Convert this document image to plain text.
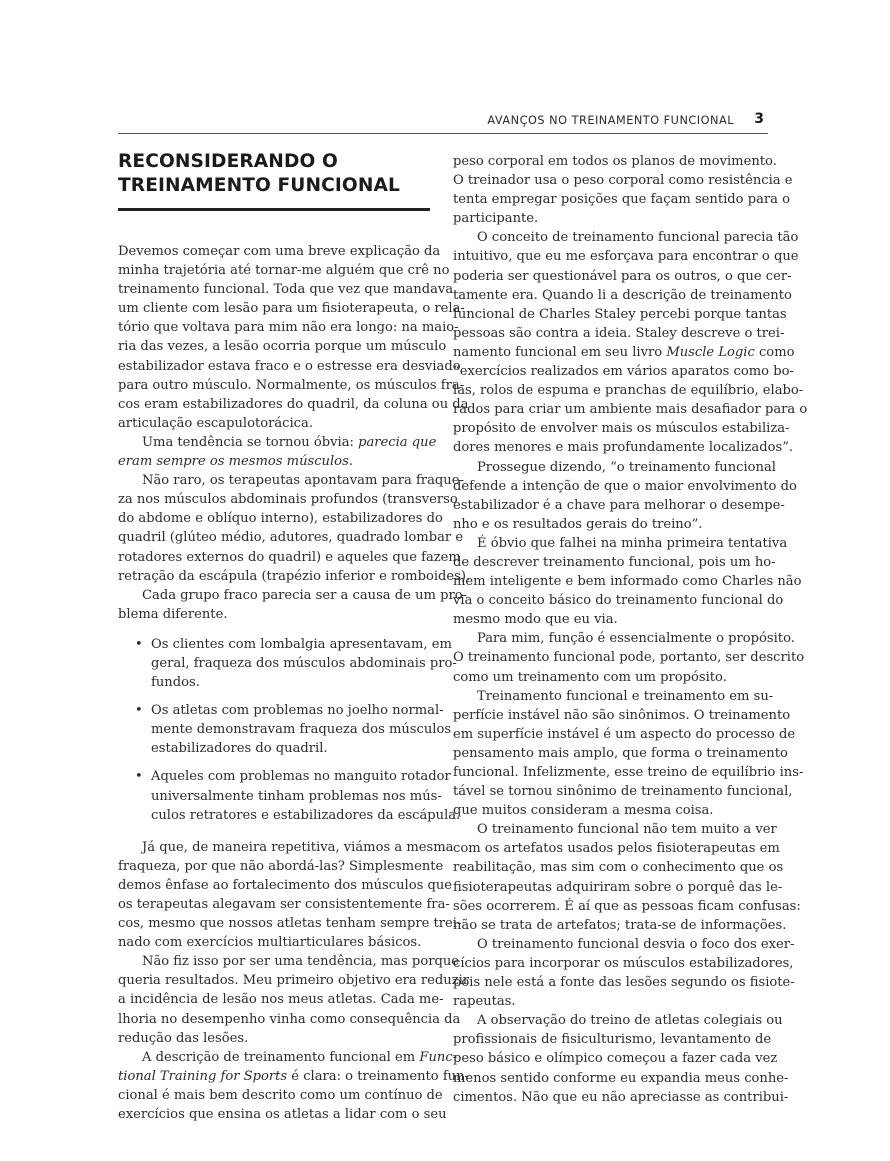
AVANÇOS NO TREINAMENTO FUNCIONAL 3
RECONSIDERANDO O
TREINAMENTO FUNCIONAL

Devemos começar com uma breve explicação da
minha trajetória até tornar-me alguém que crê no
treinamento funcional. Toda que vez que mandava
um cliente com lesão para um fisioterapeuta, o rela-
tório que voltava para mim não era longo: na maio-
ria das vezes, a lesão ocorria porque um músculo
estabilizador estava fraco e o estresse era desviado
para outro músculo. Normalmente, os músculos fra-
cos eram estabilizadores do quadril, da coluna ou da
articulação escapulotorácica.

Uma tendência se tornou óbvia: parecia que
eram sempre os mesmos músculos.

Não raro, os terapeutas apontavam para fraque-
za nos músculos abdominais profundos (transverso
do abdome e oblíquo interno), estabilizadores do
quadril (glúteo médio, adutores, quadrado lombar e
rotadores externos do quadril) e aqueles que fazem
retração da escápula (trapézio inferior e romboides).

Cada grupo fraco parecia ser a causa de um pro-
blema diferente.

• Os clientes com lombalgia apresentavam, em
geral, fraqueza dos músculos abdominais pro-
fundos.
• Os atletas com problemas no joelho normal-
mente demonstravam fraqueza dos músculos
estabilizadores do quadril.
• Aqueles com problemas no manguito rotador
universalmente tinham problemas nos mús-
culos retratores e estabilizadores da escápula.

Já que, de maneira repetitiva, viámos a mesma
fraqueza, por que não abordá-las? Simplesmente
demos ênfase ao fortalecimento dos músculos que
os terapeutas alegavam ser consistentemente fra-
cos, mesmo que nossos atletas tenham sempre trei-
nado com exercícios multiarticulares básicos.

Não fiz isso por ser uma tendência, mas porque
queria resultados. Meu primeiro objetivo era reduzir
a incidência de lesão nos meus atletas. Cada me-
lhoria no desempenho vinha como consequência da
redução das lesões.

A descrição de treinamento funcional em Func-
tional Training for Sports é clara: o treinamento fun-
cional é mais bem descrito como um contínuo de
exercícios que ensina os atletas a lidar com o seu

peso corporal em todos os planos de movimento.
O treinador usa o peso corporal como resistência e
tenta empregar posições que façam sentido para o
participante.

O conceito de treinamento funcional parecia tão
intuitivo, que eu me esforçava para encontrar o que
poderia ser questionável para os outros, o que cer-
tamente era. Quando li a descrição de treinamento
funcional de Charles Staley percebi porque tantas
pessoas são contra a ideia. Staley descreve o trei-
namento funcional em seu livro Muscle Logic como
“exercícios realizados em vários aparatos como bo-
las, rolos de espuma e pranchas de equilíbrio, elabo-
rados para criar um ambiente mais desafiador para o
propósito de envolver mais os músculos estabiliza-
dores menores e mais profundamente localizados”.

Prossegue dizendo, “o treinamento funcional
defende a intenção de que o maior envolvimento do
estabilizador é a chave para melhorar o desempe-
nho e os resultados gerais do treino”.

É óbvio que falhei na minha primeira tentativa
de descrever treinamento funcional, pois um ho-
mem inteligente e bem informado como Charles não
via o conceito básico do treinamento funcional do
mesmo modo que eu via.

Para mim, função é essencialmente o propósito.
O treinamento funcional pode, portanto, ser descrito
como um treinamento com um propósito.

Treinamento funcional e treinamento em su-
perfície instável não são sinônimos. O treinamento
em superfície instável é um aspecto do processo de
pensamento mais amplo, que forma o treinamento
funcional. Infelizmente, esse treino de equilíbrio ins-
tável se tornou sinônimo de treinamento funcional,
que muitos consideram a mesma coisa.

O treinamento funcional não tem muito a ver
com os artefatos usados pelos fisioterapeutas em
reabilitação, mas sim com o conhecimento que os
fisioterapeutas adquiriram sobre o porquê das le-
sões ocorrerem. É aí que as pessoas ficam confusas:
não se trata de artefatos; trata-se de informações.

O treinamento funcional desvia o foco dos exer-
cícios para incorporar os músculos estabilizadores,
pois nele está a fonte das lesões segundo os fisiote-
rapeutas.

A observação do treino de atletas colegiais ou
profissionais de fisiculturismo, levantamento de
peso básico e olímpico começou a fazer cada vez
menos sentido conforme eu expandia meus conhe-
cimentos. Não que eu não apreciasse as contribui-
